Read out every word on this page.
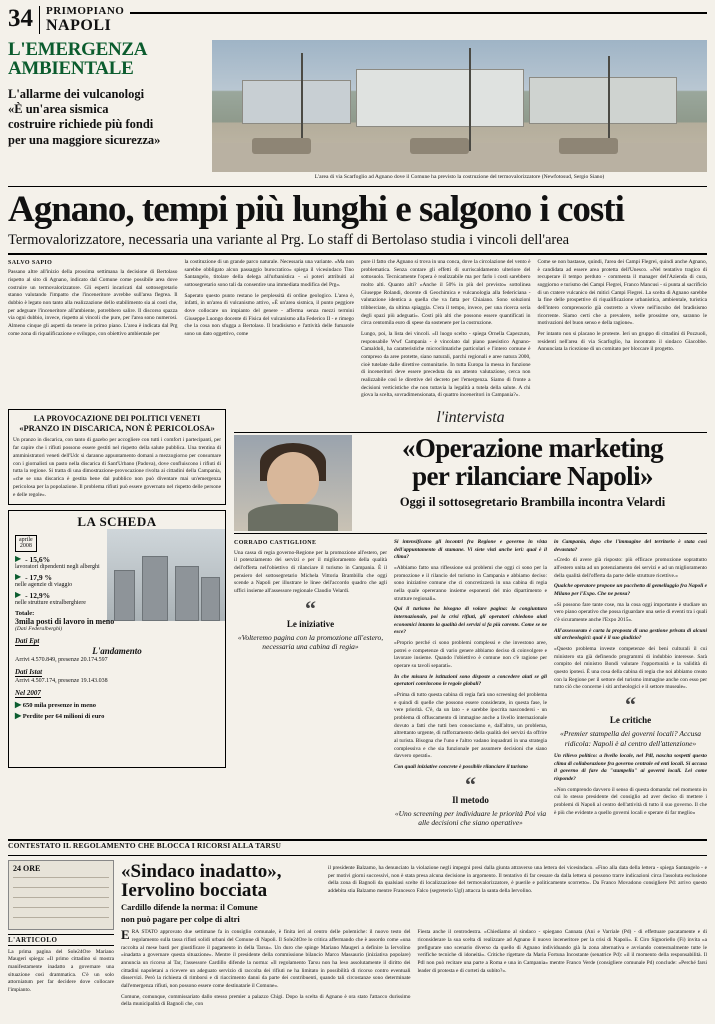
34 PRIMOPIANO
NAPOLI
L'EMERGENZA
AMBIENTALE
L'allarme dei vulcanologi
«È un'area sismica
costruire richiede più fondi
per una maggiore sicurezza»
L'area di via Scarfoglio ad Agnano dove il Comune ha previsto la costruzione del termovalorizzatore (Newfotosud, Sergio Siano)
Agnano, tempi più lunghi e salgono i costi
Termovalorizzatore, necessaria una variante al Prg. Lo staff di Bertolaso studia i vincoli dell'area
SALVO SAPIO

Passano altre all'inizio della prossima settimana la decisione di Bertolaso rispetto al sito di Agnano, indicato dal Comune come possibile area dove costruire un termovalorizzatore. Gli esperti incaricati dal sottosegretario stanno valutando l'impatto che l'inceneritore avrebbe sull'area flegrea. Il dubbio è legato non tanto alla realizzazione dello stabilimento sia ai costi che, per adeguare l'inceneritore all'ambiente, potrebbero salire. Il discorso spazza via ogni dubbio, invece, rispetto ai vincoli che pure, per l'area sono numerosi. Almeno cinque gli aspetti da tenere in primo piano. L'area è indicata dal Prg come zona di riqualificazione e sviluppo, con obiettivo ambientale per

la costituzione di un grande parco naturale. Necessaria una variante. «Ma non sarebbe obbligato alcun passaggio burocratico» spiega il vicesindaco Tino Santangelo, titolare della delega all'urbanistica - «i poteri attribuiti al sottosegretario sono tali da consentire una immediata modifica del Prg».

Saperato questo punto restano le perplessità di ordine geologico. L'area è, infatti, in un'area di vulcanismo attivo, «È un'area sismica, il punto peggiore dove collocare un impianto del genere - afferma senza mezzi termini Giuseppe Luongo docente di Fisica del vulcanismo alla Federico II - e rimego che la cosa non sfugga a Bertolaso. Il bradisismo e l'attività delle fumarole sono un dato oggettivo, come

pure il fatto che Agnano si trova in una conca, dove la circolazione del vento è problematica. Senza contare gli effetti di surriscaldamento ulteriore del sottosuolo. Tecnicamente l'opera è realizzabile ma per farlo i costi sarebbero molto alti. Quanto alti? «Anche il 50% in più del previsto» sottolinea Giuseppe Rolandi, docente di Geochimica e vulcanologia alla federiciana - valutazione identica a quella che va fatta per Chiaiano. Sono soluzioni tribberciate, da ultima spiaggia. C'era il tempo, invece, per una ricerca seria degli spazi più adeguati». Costi più alti che possono essere quantificati in circa centomila euro di spese da sostenere per la costruzione.

Lungo, poi, la lista dei vincoli. «Il luogo scelto - spiega Ornella Capezzuto, responsabile Wwf Campania - è vincolato dal piano paesistico Agnano-Camaldoli, ha caratteristiche microclimatiche particolari e l'intero comune è compreso da aree protette, siano naturali, parchi regionali e aree natura 2000, cioè tutelate dalle direttive comunitarie. In tutta Europa la messa in funzione di inceneritori deve essere preceduta da un attento valutazione, cerca non realizzabile così le direttive del decreto per l'emergenza. Siamo di fronte a decisioni verticistiche che non tuttavia la legalità a tutela della salute. A chi giova la scelta, sovradimensionata, di quattro inceneritori in Campania?».

Come se non bastasse, quindi, l'area dei Campi Flegrei, quindi anche Agnano, è candidata ad essere area protetta dell'Unesco. «Nel tentativo tragico di recuperare il tempo perduto - commenta il manager dell'Azienda di cura, soggiorno e turismo dei Campi Flegrei, Franco Mancusi - si punta al sacrificio di un cratere vulcanico dei mitici Campi Flegrei. La scelta di Agnano sarebbe la fine delle prospettive di riqualificazione urbanistica, ambientale, turistica dell'intero comprensorio già costretto a vivere nell'incubo del bradisismo ricorrente. Siamo certi che a prevalere, nelle prossime ore, saranno le motivazioni del buon senso e della ragione».

Per intanto non si placano le proteste. Ieri un gruppo di cittadini di Pozzuoli, residenti nell'area di via Scarfoglio, ha incontrato il sindaco Giacobbe. Annunciata la ricezione di un comitato per bloccare il progetto.

LA PROVOCAZIONE DEI POLITICI VENETI
«PRANZO IN DISCARICA, NON È PERICOLOSA»

Un pranzo in discarica, con tanto di gazebo per accogliere con tutti i comfort i partecipanti, per far capire che i rifiuti possono essere gestiti nel rispetto della salute pubblica. Una trentina di amministratori veneti dell'Udc si daranno appuntamento domani a mezzogiorno per consumare con i giornalisti un pasto nella discarica di Sant'Urbano (Padova), dove confluiscono i rifiuti di tutta la regione. Si tratta di una dimostrazione-provocazione rivolta ai cittadini della Campania, «che se una discarica è gestita bene dal pubblico non può diventare mai un'emergenza pericolosa per la popolazione. Il problema rifiuti può essere governato nel rispetto delle persone e delle regole».

LA SCHEDA
aprile
2008
▶ - 15,6%
lavoratori dipendenti negli alberghi
▶ - 17,9 %
nelle agenzie di viaggio
▶ - 12,9%
nelle strutture extralberghiere
Totale:
3mila posti di lavoro in meno
(Dati Federalberghi)
Dati Ept
L'andamento
Arrivi 4.570.849, presenze 20.174.597
Dati Istat
Arrivi 4.507.174, presenze 19.143.038
Nel 2007
▶ 650 mila presenze in meno
▶ Perdite per 64 milioni di euro
l'intervista
«Operazione marketing
per rilanciare Napoli»
Oggi il sottosegretario Brambilla incontra Velardi
CORRADO CASTIGLIONE

Una cassa di regia governo-Regione per la promozione all'estero, per il potenziamento dei servizi e per il miglioramento della qualità dell'offerta nell'obiettivo di rilanciare il turismo in Campania. È il pensiero del sottosegretario Michela Vittoria Brambilla che oggi scende a Napoli per illustrare le linee dell'accordo quadro che agli uffici insieme all'assessore regionale Claudio Velardi.

“
Le iniziative
«Volteremo pagina con la promozione all'estero, necessaria una cabina di regia»

Si intensificano gli incontri fra Regione e governo in vista dell'appuntamento di stamane. Vi siete visti anche ieri: qual è il clima?

«Abbiamo fatto una riflessione sui problemi che oggi ci sono per la promozione e il rilancio del turismo in Campania e abbiamo deciso: sono iniziative comune che ci concretizzerà in una cabina di regia nella quale opereranno insieme esponenti del mio dipartimento e strutture regionali».

Qui il turismo ha bisogno di volare pagina: la congiuntura internazionale, poi la crisi rifiuti, gli operatori chiedono aiuti economici intanto la qualità dei servizi si fa più carente. Come se ne esce?

«Proprio perché ci sono problemi complessi e che investono aree, potrei e competenze di vario genere abbiamo deciso di coinvolgere e lavorare insieme. Quando l'obiettivo è comune non c'è ragione per operare su tavoli separati».

In che misura le istituzioni sono disposte a concedere aiuti se gli operatori convincono le regole globali?

«Prima di tutto questa cabina di regia farà uno screening del problema e quindi di quelle che possono essere considerate, in questa fase, le vere priorità. C'è, da un lato - e sarebbe ipocrita nascondersi - un problema di offuscamento di immagine anche a livello internazionale dovuto a fatti che tutti ben conosciamo e, dall'altro, un problema, altrettanto urgente, di rafforzamento della qualità dei servizi da offrire al turista. Bisogna che l'uno e l'altro vadano inquadrati in una strategia complessiva e che sia funzionale per assumere decisioni che siano davvero operati».

Con quali iniziative concrete è possibile rilanciare il turismo

“
Il metodo
«Uno screening per individuare le priorità Poi via alle decisioni che siano operative»

in Campania, dopo che l'immagine del territorio è stata così devastata?

«Credo di avere già risposto: più efficace promozione soprattutto all'estero unita ad un potenziamento dei servizi e ad un miglioramento della qualità dell'offerta da parte delle strutture ricettive.»

Qualche operatore propone un pacchetto di gemellaggio fra Napoli e Milano per l'Expo. Che ne pensa?

«Si possono fare tante cose, ma la cosa oggi importante è studiare un vero piano operativo che possa riguardare una serie di eventi tra i quali c'è sicuramente anche l'Expo 2015».

All'assessorato è carta la proposta di una gestione privata di alcuni siti archeologici: qual è il suo giudizio?

«Questo problema investe competenze dei beni culturali il cui ministero sta già definendo programmi di indubbio interesse. Sarà compito del ministro Bondi valutare l'opportunità e la validità di questo ipotesi. È una cosa della cabina di regia che noi abbiamo creato con la Regione per il settore del turismo immagine anche con esso per tutto ciò che concerne i siti archeologici e il settore museale».

“
Le critiche
«Premier stampella dei governi locali? Accusa ridicola: Napoli è al centro dell'attenzione»

Un rilievo politico: a livello locale, nel Pdl, nascita sospetti questo clima di collaborazione fra governo centrale ed enti locali. Si accusa il governo di fare da "stampella" ai governi locali. Lei come risponde?

«Non comprendo davvero il senso di questa domanda: nel momento in cui lo stesso presidente del consiglio ad aver deciso di mettere i problemi di Napoli al centro dell'attività di tutto il suo governo. Il che è più che evidente a quello governi locali e sperare di far meglio»

CONTESTATO IL REGOLAMENTO CHE BLOCCA I RICORSI ALLA TARSU
24 ORE
L'ARTICOLO
La prima pagina del Sole24Ore Mariano Maugeri spiega: «Il primo cittadino si mostra manifestamente inadatto a governare una situazione così drammatica. C'è un solo attorniatum per far decidere dove collocare l'impianto.
«Sindaco inadatto», Iervolino bocciata
Cardillo difende la norma: il Comune
non può pagare per colpe di altri

il presidente Balzamo, ha denunciato la violazione negli impegni presi dalla giunta attraverso una lettera dei vicesindaco. «Fino alla data della lettera - spiega Santangelo - e per motivi giorni successivi, non è stata presa alcuna decisione in argomento. Il tentativo di far cessare da dalla lettera si possono trarre indicazioni circa l'assoluta esclusione della zona di Bagnoli da qualsiasi scelte di localizzazione del termovalorizzatore, è puerile e politicamente scorretto». Da Franco Movadono consigliere Pd: arrivo questo addebita stia Balzamo mentre Francesco Falco (segreterio Ugl) attacca la santa della Iervolino.

ERA STATO approvato due settimane fa in consiglio comunale, è finita ieri al centro delle polemiche: il nuovo testo del regolamento sulla tassa rifiuti solidi urbani del Comune di Napoli. Il Sole24Ore lo critica affermando che è assordo come «una raccolta al mese basti per giustificare il pagamento in della Tarsu». Un duro che spinge Mariano Maugeri a definire la Iervolino «inadatta a governare questa situazione». Mentre il presidente della commissione bilancio Marco Massaurio (iniziativa popolare) annuncia un ricorso al Tar, l'assessore Cardillo difende la norma: «Il regolamento Tarsu non ha leso assolutamente il diritto dei cittadini napoletani a ricevere un adeguato servizio di raccolta dei rifiuti ne ha limitato in possibilità di ricorso contro eventuali disservizi. Però la richiesta di rimborsi e di riaccimento danni da parte dei contribuenti, quando tali circostanze sono determinate dall'emergenza rifiuti, non possono essere come destinatarie il Comune».

Comune, comunque, commissariato dallo stesso premier a palazzo Chigi. Dopo la scelta di Agnano è ora stato l'attacco durissimo della municipalità di Bagnoli che, con

Fiesta anche il centrodestra. «Chiediamo al sindaco - spiegano Cannata (Ani e Varriale (Pd) - di effettuare pacatamente e di riconsiderare la sua scelta di realizzare ad Agnano il nuovo inceneritore per la crisi di Napoli». E Ciro Signoriello (Fi) invita «a prefigurare uno scenario diverso da quello di Agnano individuando già la zona alternativa e avviando contestualmente tutte le verifiche tecniche di idoneità». Critiche rigettare da Maria Fortuna Incostante (senatrice Pd): «il il momento della responsabilità. Il Pdl non può recitare una parte a Roma e una in Campania» mentre Franco Verde (consigliere comunale Pd) conclude: «Perché farsi leader di protesta e di corteti da subito?».
